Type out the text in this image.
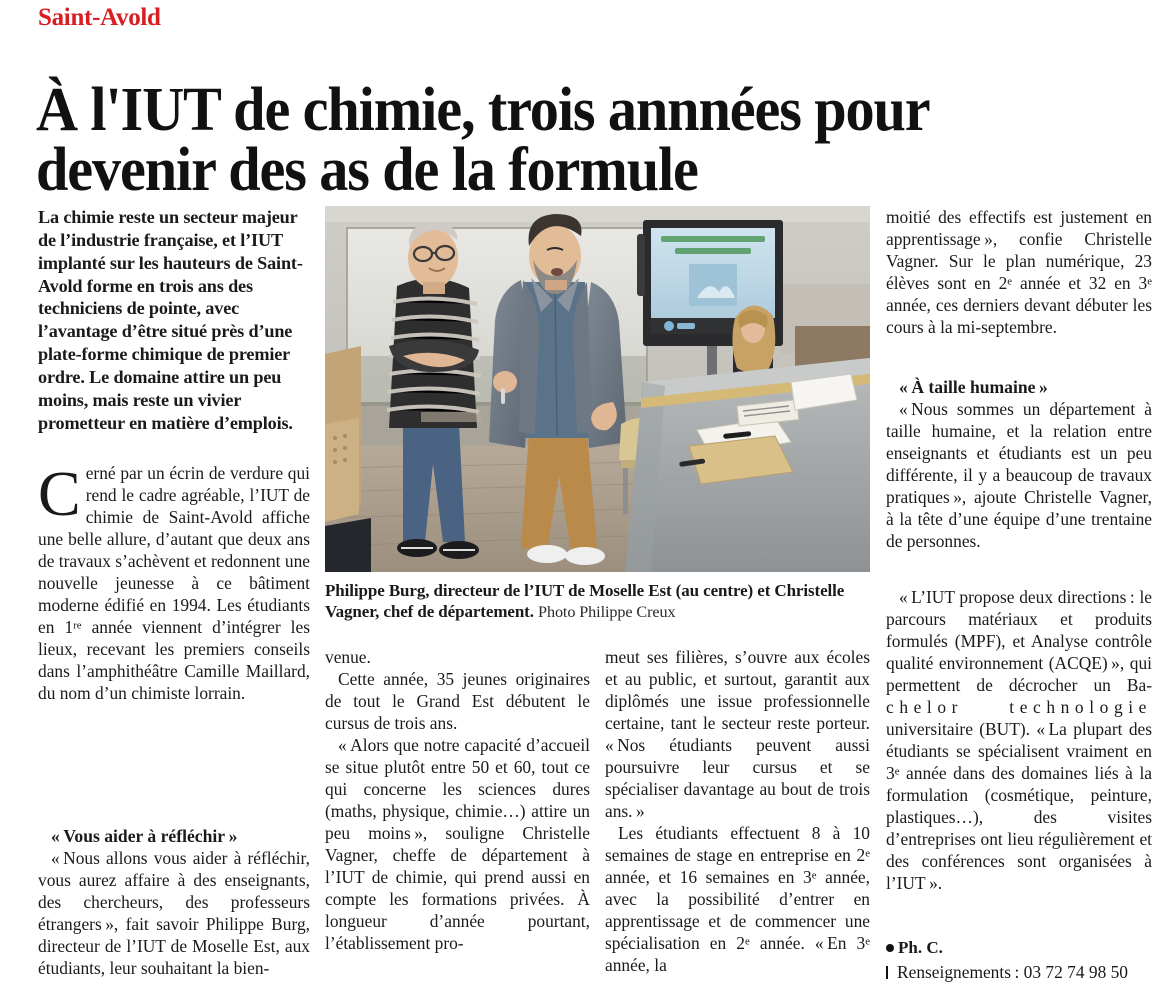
Saint-Avold
À l'IUT de chimie, trois annnées pour
devenir des as de la formule
La chimie reste un secteur majeur de l’industrie française, et l’IUT implanté sur les hauteurs de Saint-Avold forme en trois ans des techniciens de pointe, avec l’avantage d’être situé près d’une plate-forme chimique de premier ordre. Le domaine attire un peu moins, mais reste un vivier prometteur en matière d’emplois.

Cerné par un écrin de verdure qui rend le cadre agréable, l’IUT de chimie de Saint-Avold affiche une belle allure, d’autant que deux ans de travaux s’achèvent et redonnent une nouvelle jeunesse à ce bâtiment moderne édifié en 1994. Les étudiants en 1re année viennent d’intégrer les lieux, recevant les premiers conseils dans l’amphithéâtre Camille Maillard, du nom d’un chimiste lorrain.

« Vous aider à réfléchir »

« Nous allons vous aider à réfléchir, vous aurez affaire à des enseignants, des chercheurs, des professeurs étrangers », fait savoir Philippe Burg, directeur de l’IUT de Moselle Est, aux étudiants, leur souhaitant la bien-

Philippe Burg, directeur de l’IUT de Moselle Est (au centre) et Christelle Vagner, chef de département. Photo Philippe Creux

venue.

Cette année, 35 jeunes originaires de tout le Grand Est débutent le cursus de trois ans.

« Alors que notre capacité d’accueil se situe plutôt entre 50 et 60, tout ce qui concerne les sciences dures (maths, physique, chimie…) attire un peu moins », souligne Christelle Vagner, cheffe de département à l’IUT de chimie, qui prend aussi en compte les formations privées. À longueur d’année pourtant, l’établissement pro-

meut ses filières, s’ouvre aux écoles et au public, et surtout, garantit aux diplômés une issue professionnelle certaine, tant le secteur reste porteur. « Nos étudiants peuvent aussi poursuivre leur cursus et se spécialiser davantage au bout de trois ans. »

Les étudiants effectuent 8 à 10 semaines de stage en entreprise en 2e année, et 16 semaines en 3e année, avec la possibilité d’entrer en apprentissage et de commencer une spécialisation en 2e année. « En 3e année, la

moitié des effectifs est justement en apprentissage », confie Christelle Vagner. Sur le plan numérique, 23 élèves sont en 2e année et 32 en 3e année, ces derniers devant débuter les cours à la mi-septembre.

« À taille humaine »

« Nous sommes un département à taille humaine, et la relation entre enseignants et étudiants est un peu différente, il y a beaucoup de travaux pratiques », ajoute Christelle Vagner, à la tête d’une équipe d’une trentaine de personnes.

« L’IUT propose deux directions : le parcours matériaux et produits formulés (MPF), et Analyse contrôle qualité environnement (ACQE) », qui permettent de décrocher un Ba-chelor technologie universitaire (BUT). « La plupart des étudiants se spécialisent vraiment en 3e année dans des domaines liés à la formulation (cosmétique, peinture, plastiques…), des visites d’entreprises ont lieu régulièrement et des conférences sont organisées à l’IUT ».

Ph. C.
Renseignements :
03 72 74 98 50
